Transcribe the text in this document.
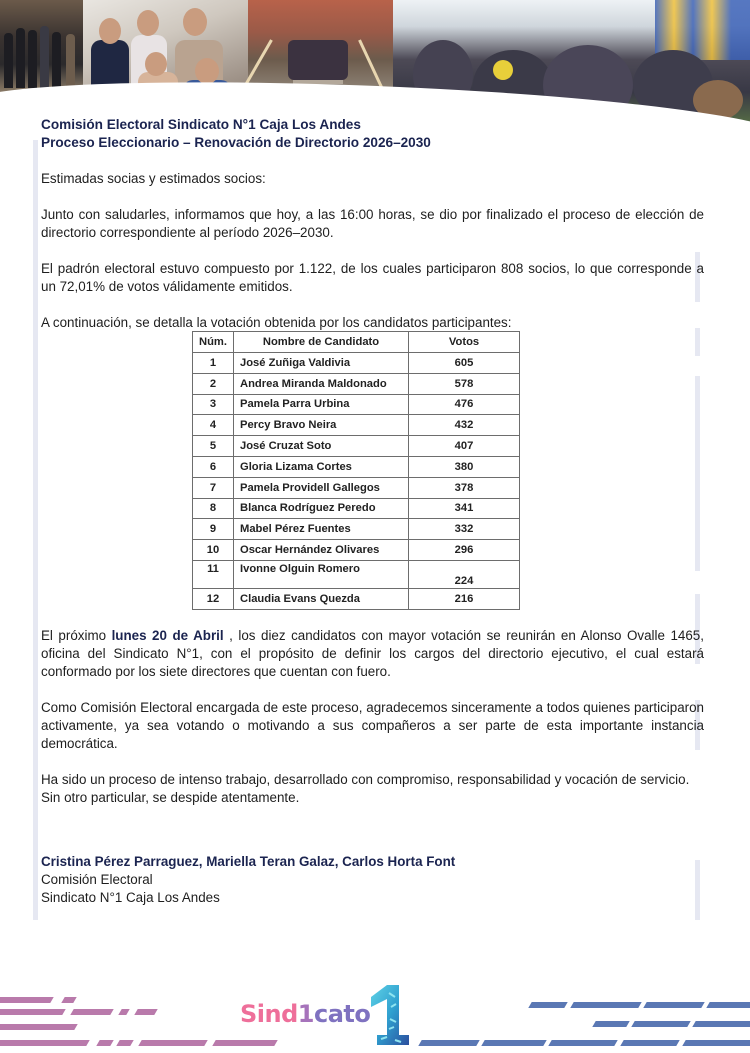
Comisión Electoral Sindicato N°1 Caja Los Andes
Proceso Eleccionario – Renovación de Directorio 2026–2030
Estimadas socias y estimados socios:
Junto con saludarles, informamos que hoy, a las 16:00 horas, se dio por finalizado el proceso de elección de directorio correspondiente al período 2026–2030.
El padrón electoral estuvo compuesto por 1.122, de los cuales participaron 808 socios, lo que corresponde a un 72,01% de votos válidamente emitidos.
A continuación, se detalla la votación obtenida por los candidatos participantes:
El próximo lunes 20 de Abril , los diez candidatos con mayor votación se reunirán en Alonso Ovalle 1465, oficina del Sindicato N°1, con el propósito de definir los cargos del directorio ejecutivo, el cual estará conformado por los siete directores que cuentan con fuero.
Como Comisión Electoral encargada de este proceso, agradecemos sinceramente a todos quienes participaron activamente, ya sea votando o motivando a sus compañeros a ser parte de esta importante instancia democrática.
Ha sido un proceso de intenso trabajo, desarrollado con compromiso, responsabilidad y vocación de servicio.
Sin otro particular, se despide atentamente.
Núm.	Nombre de Candidato	Votos
1	José Zuñiga Valdivia	605
2	Andrea Miranda Maldonado	578
3	Pamela Parra Urbina	476
4	Percy Bravo Neira	432
5	José Cruzat Soto	407
6	Gloria Lizama Cortes	380
7	Pamela Providell Gallegos	378
8	Blanca Rodríguez Peredo	341
9	Mabel Pérez Fuentes	332
10	Oscar Hernández Olivares	296
11	Ivonne Olguin Romero	224
12	Claudia Evans Quezda	216
Cristina Pérez Parraguez, Mariella Teran Galaz, Carlos Horta Font
Comisión Electoral
Sindicato N°1 Caja Los Andes
Sind1cato
